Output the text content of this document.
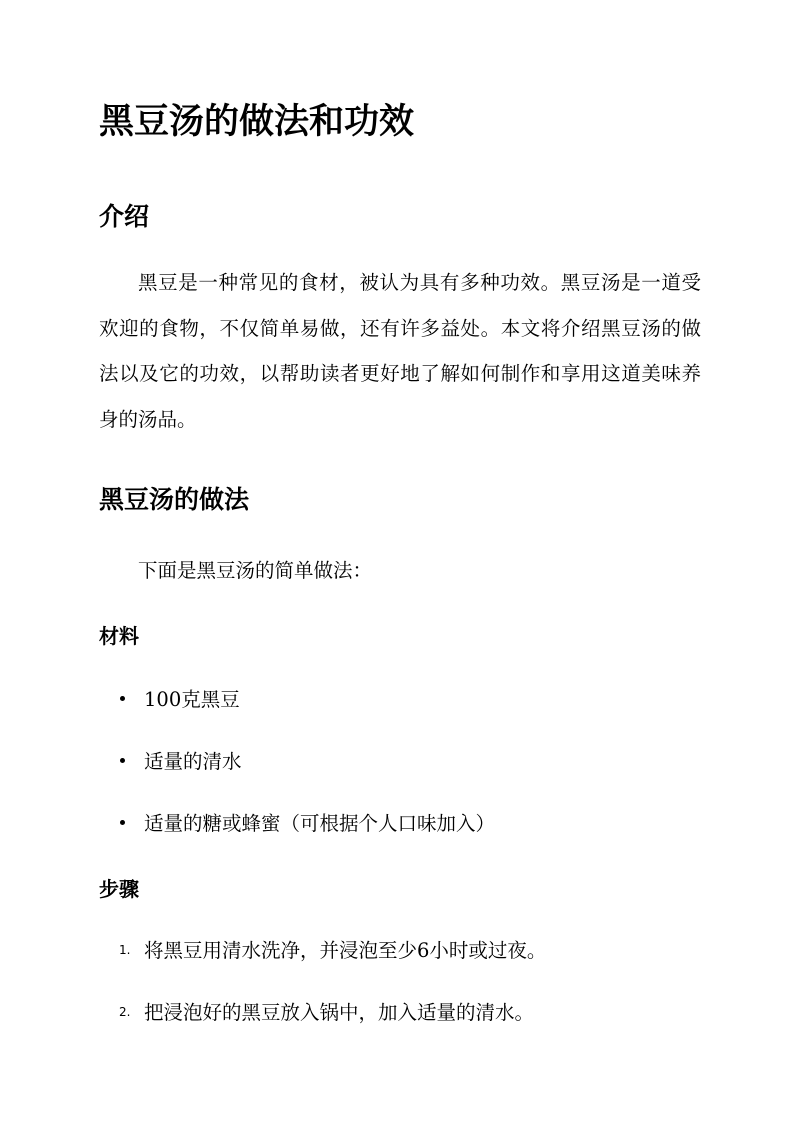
黑豆汤的做法和功效
介绍

黑豆是一种常见的食材，被认为具有多种功效。黑豆汤是一道受欢迎的食物，不仅简单易做，还有许多益处。本文将介绍黑豆汤的做法以及它的功效，以帮助读者更好地了解如何制作和享用这道美味养身的汤品。

黑豆汤的做法

下面是黑豆汤的简单做法：

材料
100克黑豆
适量的清水
适量的糖或蜂蜜（可根据个人口味加入）
步骤
1. 将黑豆用清水洗净，并浸泡至少6小时或过夜。
2. 把浸泡好的黑豆放入锅中，加入适量的清水。
